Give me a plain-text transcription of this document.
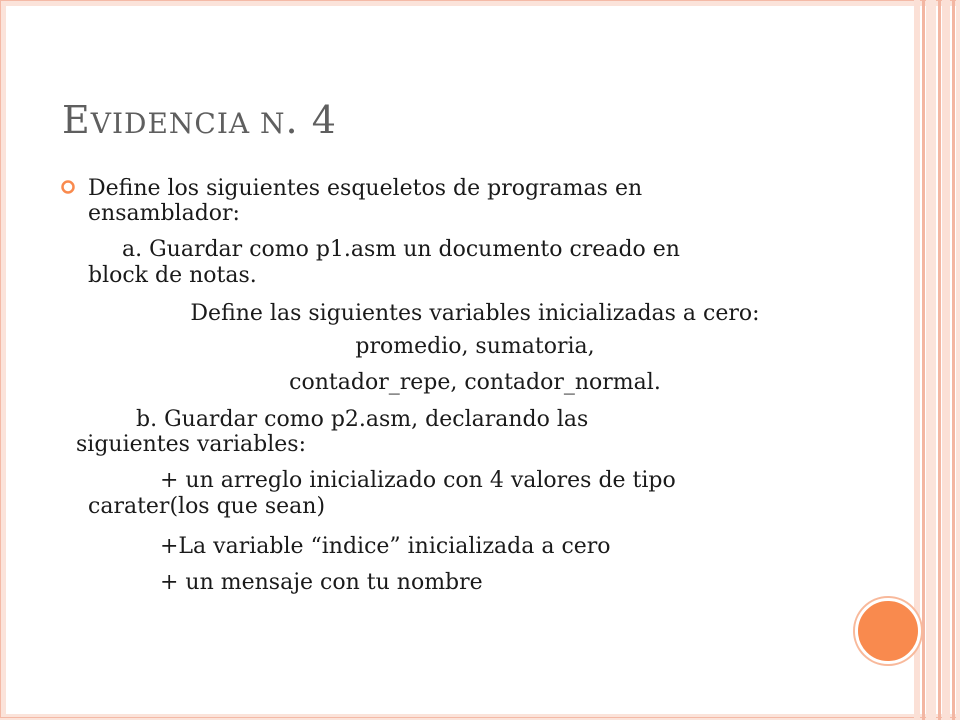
EVIDENCIA N. 4
Define los siguientes esqueletos de programas en
ensamblador:
a. Guardar como p1.asm un documento creado en
block de notas.
Define las siguientes variables inicializadas a cero:
promedio, sumatoria,
contador_repe, contador_normal.
b. Guardar como p2.asm, declarando las
siguientes variables:
+ un arreglo inicializado con 4 valores de tipo
carater(los que sean)
+La variable “indice” inicializada a cero
+ un mensaje con tu nombre
